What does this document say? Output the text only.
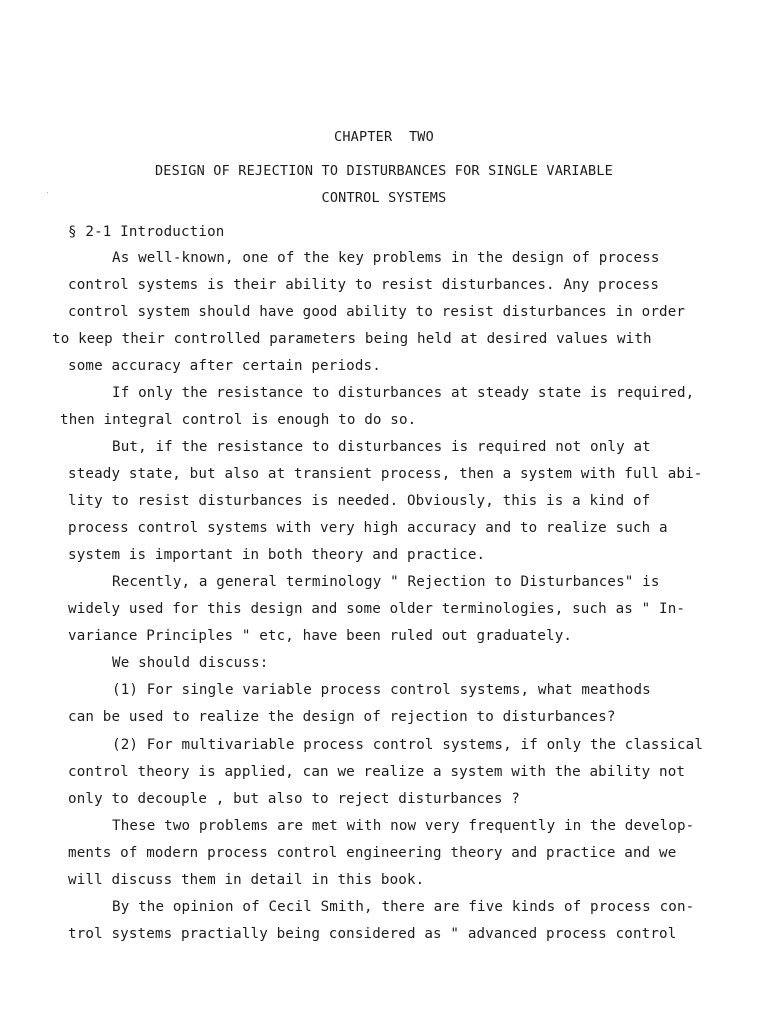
CHAPTER  TWO
DESIGN OF REJECTION TO DISTURBANCES FOR SINGLE VARIABLE
CONTROL SYSTEMS
§ 2-1 Introduction
As well-known, one of the key problems in the design of process
control systems is their ability to resist disturbances. Any process
control system should have good ability to resist disturbances in order
to keep their controlled parameters being held at desired values with
some accuracy after certain periods.
If only the resistance to disturbances at steady state is required,
then integral control is enough to do so.
But, if the resistance to disturbances is required not only at
steady state, but also at transient process, then a system with full abi-
lity to resist disturbances is needed. Obviously, this is a kind of
process control systems with very high accuracy and to realize such a
system is important in both theory and practice.
Recently, a general terminology " Rejection to Disturbances" is
widely used for this design and some older terminologies, such as " In-
variance Principles " etc, have been ruled out graduately.
We should discuss:
(1) For single variable process control systems, what meathods
can be used to realize the design of rejection to disturbances?
(2) For multivariable process control systems, if only the classical
control theory is applied, can we realize a system with the ability not
only to decouple , but also to reject disturbances ?
These two problems are met with now very frequently in the develop-
ments of modern process control engineering theory and practice and we
will discuss them in detail in this book.
By the opinion of Cecil Smith, there are five kinds of process con-
trol systems practially being considered as " advanced process control
